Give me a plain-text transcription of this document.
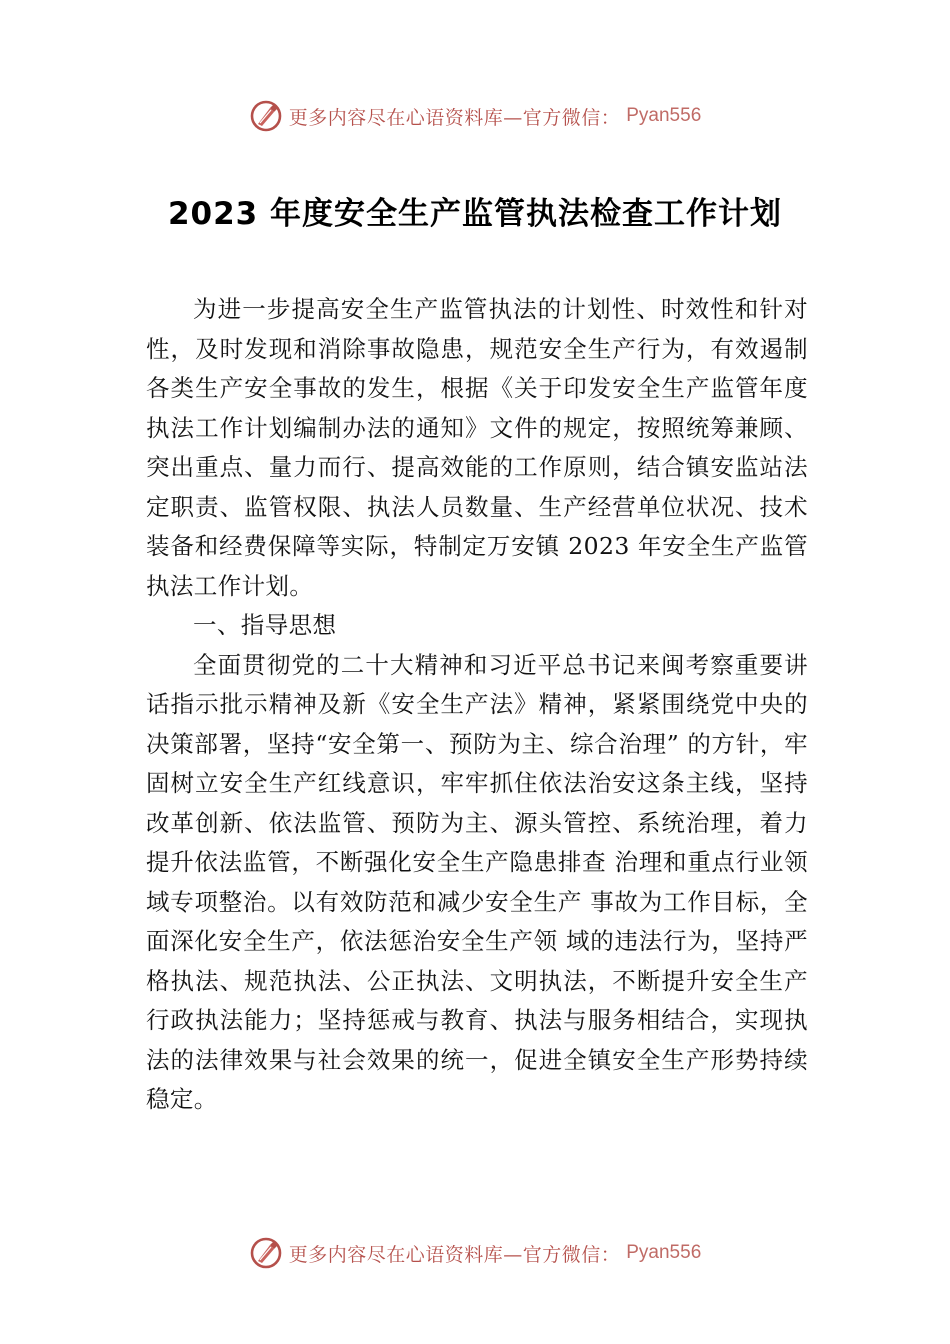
更多内容尽在心语资料库—官方微信： Pyan556
2023 年度安全生产监管执法检查工作计划

为进一步提高安全生产监管执法的计划性、时效性和针对性，及时发现和消除事故隐患，规范安全生产行为，有效遏制各类生产安全事故的发生，根据《关于印发安全生产监管年度执法工作计划编制办法的通知》文件的规定，按照统筹兼顾、突出重点、量力而行、提高效能的工作原则，结合镇安监站法定职责、监管权限、执法人员数量、生产经营单位状况、技术装备和经费保障等实际，特制定万安镇 2023 年安全生产监管执法工作计划。

一、指导思想

全面贯彻党的二十大精神和习近平总书记来闽考察重要讲话指示批示精神及新《安全生产法》精神，紧紧围绕党中央的决策部署，坚持“安全第一、预防为主、综合治理” 的方针，牢固树立安全生产红线意识，牢牢抓住依法治安这条主线，坚持改革创新、依法监管、预防为主、源头管控、系统治理，着力提升依法监管，不断强化安全生产隐患排查 治理和重点行业领域专项整治。以有效防范和减少安全生产 事故为工作目标，全面深化安全生产，依法惩治安全生产领 域的违法行为，坚持严格执法、规范执法、公正执法、文明执法，不断提升安全生产行政执法能力；坚持惩戒与教育、执法与服务相结合，实现执法的法律效果与社会效果的统一，促进全镇安全生产形势持续稳定。

更多内容尽在心语资料库—官方微信： Pyan556
